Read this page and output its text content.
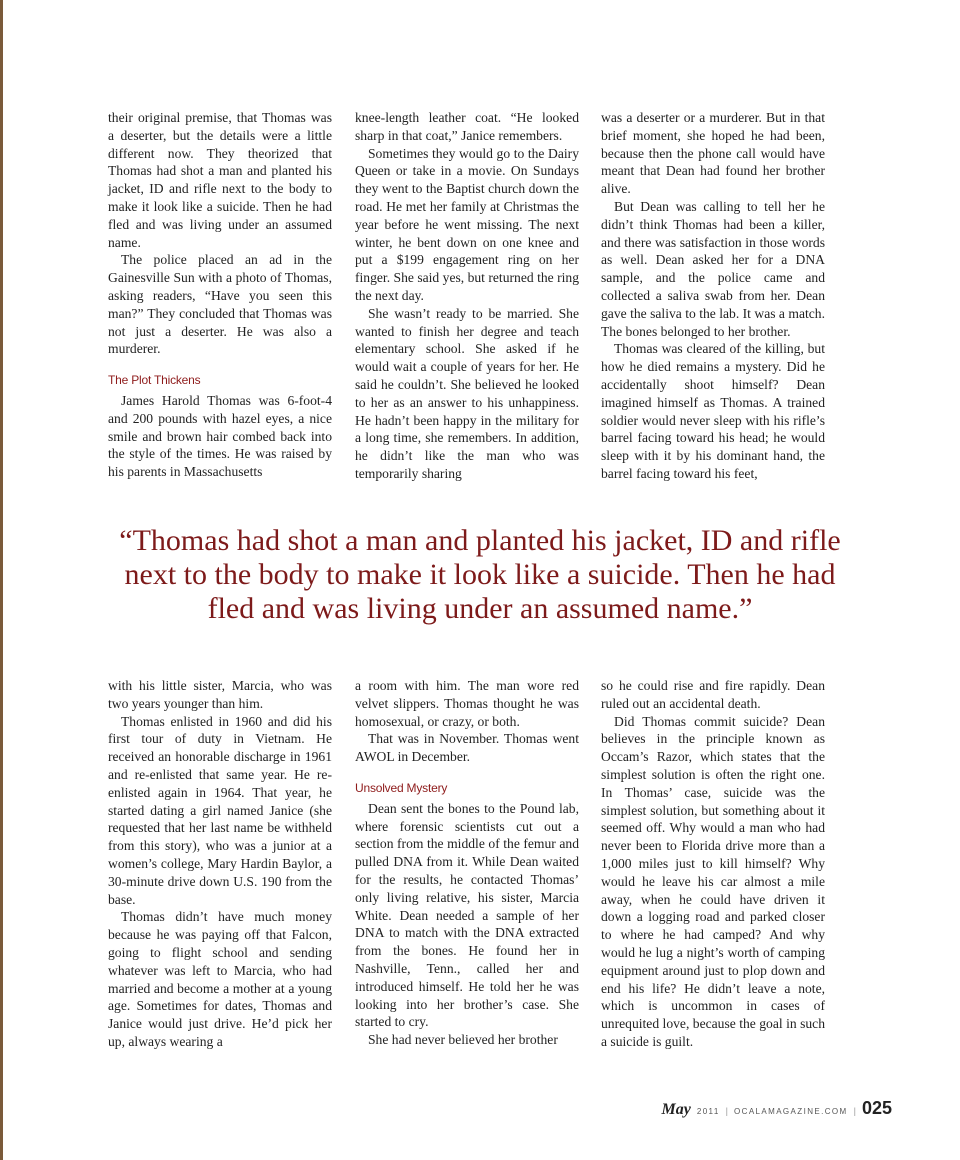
their original premise, that Thomas was a deserter, but the details were a little different now. They theorized that Thomas had shot a man and planted his jacket, ID and rifle next to the body to make it look like a suicide. Then he had fled and was living under an assumed name.

The police placed an ad in the Gainesville Sun with a photo of Thomas, asking readers, “Have you seen this man?” They concluded that Thomas was not just a deserter. He was also a murderer.

The Plot Thickens

James Harold Thomas was 6-foot-4 and 200 pounds with hazel eyes, a nice smile and brown hair combed back into the style of the times. He was raised by his parents in Massachusetts

knee-length leather coat. “He looked sharp in that coat,” Janice remembers.

Sometimes they would go to the Dairy Queen or take in a movie. On Sundays they went to the Baptist church down the road. He met her family at Christmas the year before he went missing. The next winter, he bent down on one knee and put a $199 engagement ring on her finger. She said yes, but returned the ring the next day.

She wasn’t ready to be married. She wanted to finish her degree and teach elementary school. She asked if he would wait a couple of years for her. He said he couldn’t. She believed he looked to her as an answer to his unhappiness. He hadn’t been happy in the military for a long time, she remembers. In addition, he didn’t like the man who was temporarily sharing

was a deserter or a murderer. But in that brief moment, she hoped he had been, because then the phone call would have meant that Dean had found her brother alive.

But Dean was calling to tell her he didn’t think Thomas had been a killer, and there was satisfaction in those words as well. Dean asked her for a DNA sample, and the police came and collected a saliva swab from her. Dean gave the saliva to the lab. It was a match. The bones belonged to her brother.

Thomas was cleared of the killing, but how he died remains a mystery. Did he accidentally shoot himself? Dean imagined himself as Thomas. A trained soldier would never sleep with his rifle’s barrel facing toward his head; he would sleep with it by his dominant hand, the barrel facing toward his feet,

“Thomas had shot a man and planted his jacket, ID and rifle next to the body to make it look like a suicide. Then he had fled and was living under an assumed name.”

with his little sister, Marcia, who was two years younger than him.

Thomas enlisted in 1960 and did his first tour of duty in Vietnam. He received an honorable discharge in 1961 and re-enlisted that same year. He re-enlisted again in 1964. That year, he started dating a girl named Janice (she requested that her last name be withheld from this story), who was a junior at a women’s college, Mary Hardin Baylor, a 30-minute drive down U.S. 190 from the base.

Thomas didn’t have much money because he was paying off that Falcon, going to flight school and sending whatever was left to Marcia, who had married and become a mother at a young age. Sometimes for dates, Thomas and Janice would just drive. He’d pick her up, always wearing a

a room with him. The man wore red velvet slippers. Thomas thought he was homosexual, or crazy, or both.

That was in November. Thomas went AWOL in December.

Unsolved Mystery

Dean sent the bones to the Pound lab, where forensic scientists cut out a section from the middle of the femur and pulled DNA from it. While Dean waited for the results, he contacted Thomas’ only living relative, his sister, Marcia White. Dean needed a sample of her DNA to match with the DNA extracted from the bones. He found her in Nashville, Tenn., called her and introduced himself. He told her he was looking into her brother’s case. She started to cry.

She had never believed her brother

so he could rise and fire rapidly. Dean ruled out an accidental death.

Did Thomas commit suicide? Dean believes in the principle known as Occam’s Razor, which states that the simplest solution is often the right one. In Thomas’ case, suicide was the simplest solution, but something about it seemed off. Why would a man who had never been to Florida drive more than a 1,000 miles just to kill himself? Why would he leave his car almost a mile away, when he could have driven it down a logging road and parked closer to where he had camped? And why would he lug a night’s worth of camping equipment around just to plop down and end his life? He didn’t leave a note, which is uncommon in cases of unrequited love, because the goal in such a suicide is guilt.

May 2011 | OCALAMAGAZINE.COM | 025
